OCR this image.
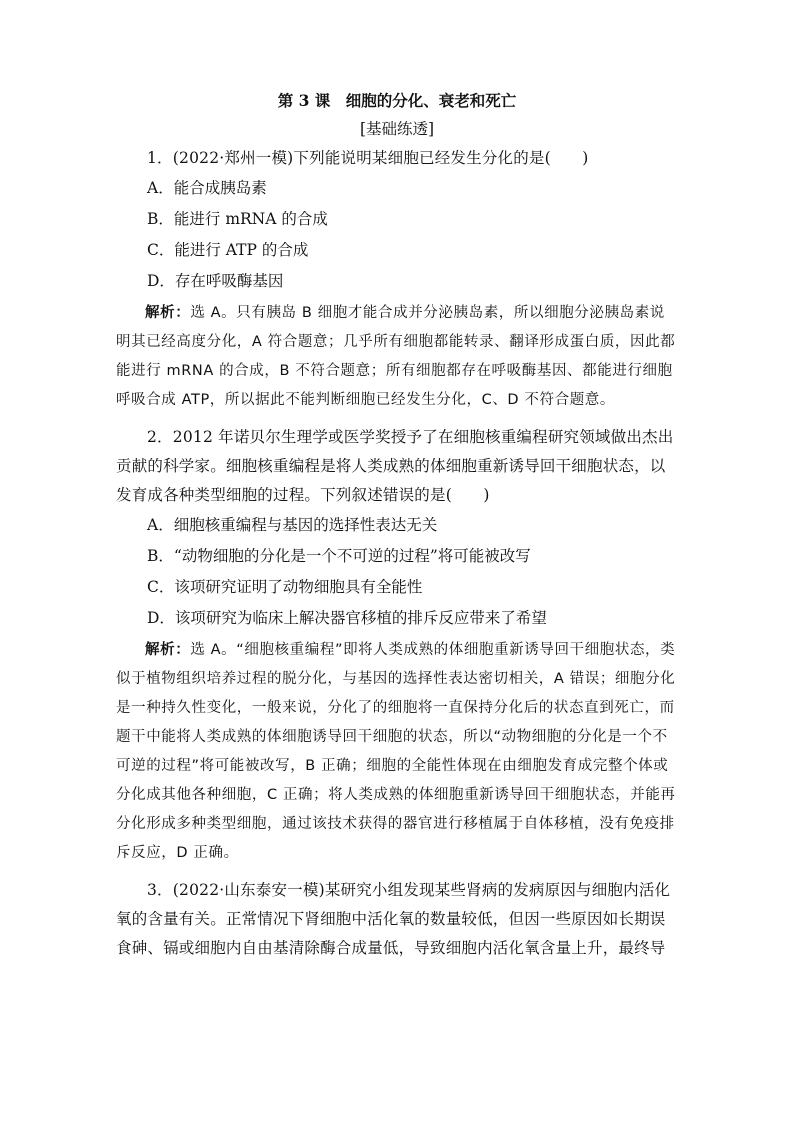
第 3 课　细胞的分化、衰老和死亡
[基础练透]

1．(2022·郑州一模)下列能说明某细胞已经发生分化的是(　　)

A．能合成胰岛素

B．能进行 mRNA 的合成

C．能进行 ATP 的合成

D．存在呼吸酶基因

解析：选 A。只有胰岛 B 细胞才能合成并分泌胰岛素，所以细胞分泌胰岛素说明其已经高度分化，A 符合题意；几乎所有细胞都能转录、翻译形成蛋白质，因此都能进行 mRNA 的合成，B 不符合题意；所有细胞都存在呼吸酶基因、都能进行细胞呼吸合成 ATP，所以据此不能判断细胞已经发生分化，C、D 不符合题意。

2．2012 年诺贝尔生理学或医学奖授予了在细胞核重编程研究领域做出杰出贡献的科学家。细胞核重编程是将人类成熟的体细胞重新诱导回干细胞状态，以发育成各种类型细胞的过程。下列叙述错误的是(　　)

A．细胞核重编程与基因的选择性表达无关

B．“动物细胞的分化是一个不可逆的过程”将可能被改写

C．该项研究证明了动物细胞具有全能性

D．该项研究为临床上解决器官移植的排斥反应带来了希望

解析：选 A。“细胞核重编程”即将人类成熟的体细胞重新诱导回干细胞状态，类似于植物组织培养过程的脱分化，与基因的选择性表达密切相关，A 错误；细胞分化是一种持久性变化，一般来说，分化了的细胞将一直保持分化后的状态直到死亡，而题干中能将人类成熟的体细胞诱导回干细胞的状态，所以“动物细胞的分化是一个不可逆的过程”将可能被改写，B 正确；细胞的全能性体现在由细胞发育成完整个体或分化成其他各种细胞，C 正确；将人类成熟的体细胞重新诱导回干细胞状态，并能再分化形成多种类型细胞，通过该技术获得的器官进行移植属于自体移植，没有免疫排斥反应，D 正确。

3．(2022·山东泰安一模)某研究小组发现某些肾病的发病原因与细胞内活化氧的含量有关。正常情况下肾细胞中活化氧的数量较低，但因一些原因如长期误食砷、镉或细胞内自由基清除酶合成量低，导致细胞内活化氧含量上升，最终导
